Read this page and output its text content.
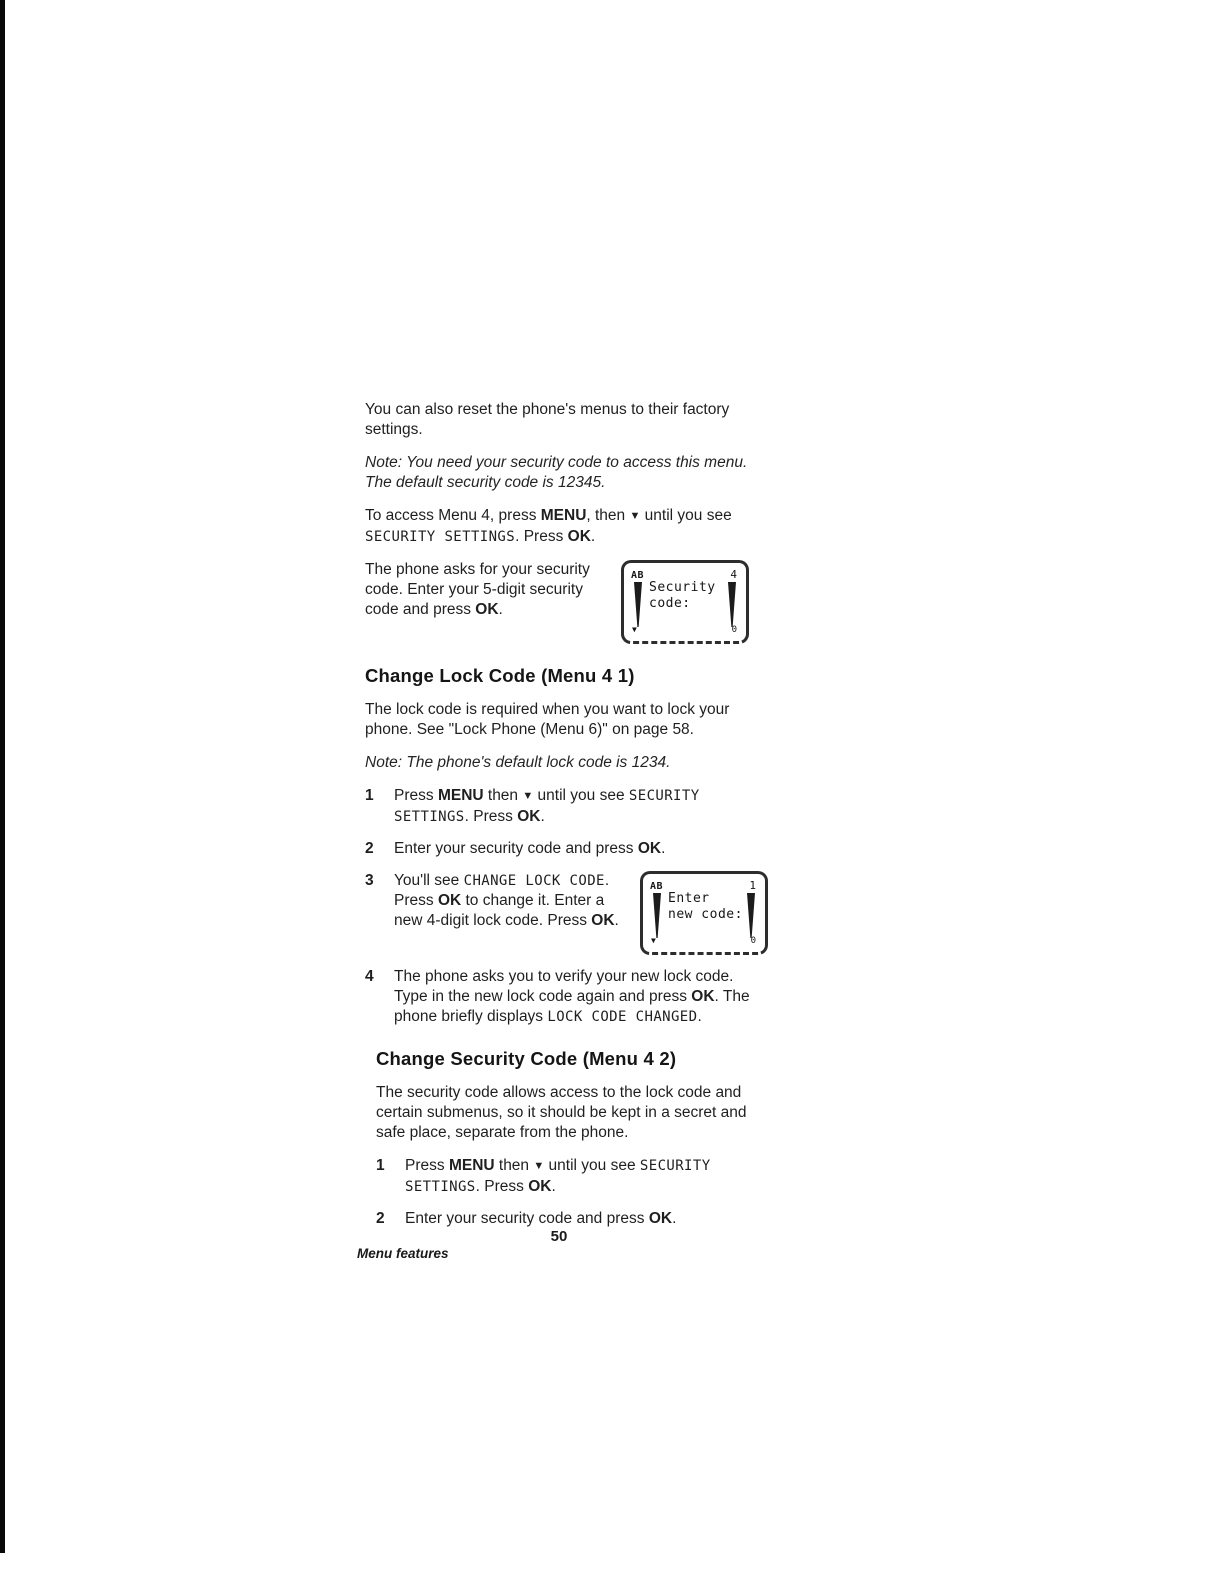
You can also reset the phone's menus to their factory settings.

Note: You need your security code to access this menu. The default security code is 12345.

To access Menu 4, press MENU, then ▼ until you see SECURITY SETTINGS. Press OK.

The phone asks for your security code. Enter your 5-digit security code and press OK.

AB	4
Security
code:
▼	0
Change Lock Code (Menu 4 1)

The lock code is required when you want to lock your phone. See "Lock Phone (Menu 6)" on page 58.

Note: The phone's default lock code is 1234.

1	Press MENU then ▼ until you see SECURITY SETTINGS. Press OK.
2	Enter your security code and press OK.
3	You'll see CHANGE LOCK CODE. Press OK to change it. Enter a new 4-digit lock code. Press OK.
AB	1
Enter
new code:
▼	0
4	The phone asks you to verify your new lock code. Type in the new lock code again and press OK. The phone briefly displays LOCK CODE CHANGED.
Change Security Code (Menu 4 2)

The security code allows access to the lock code and certain submenus, so it should be kept in a secret and safe place, separate from the phone.

1	Press MENU then ▼ until you see SECURITY SETTINGS. Press OK.
2	Enter your security code and press OK.
50
Menu features
